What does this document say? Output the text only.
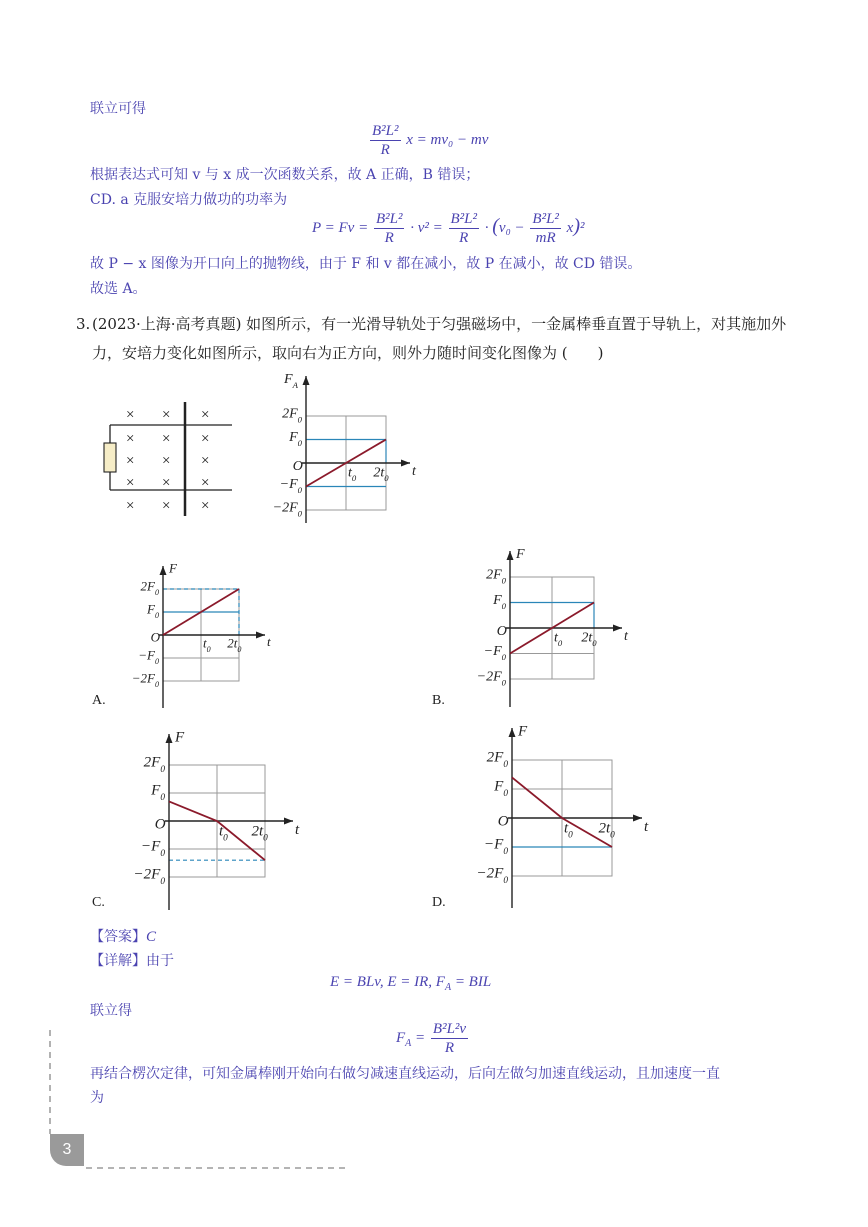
联立可得
$\frac{\text{B²L²}}{R}$ x = mv₀ − mv
根据表达式可知 v 与 x 成一次函数关系，故 A 正确，B 错误；
CD. a 克服安培力做功的功率为
$P = Fv = \frac{\text{B²L²}}{R} \cdot v^2 = \frac{\text{B²L²}}{R} \cdot (v_0 - \frac{\text{B²L²}}{mR} x)^2$
故 P − x 图像为开口向上的抛物线，由于 F 和 v 都在减小，故 P 在减小，故 CD 错误。
故选 A。
3. (2023·上海·高考真题) 如图所示，有一光滑导轨处于匀强磁场中，一金属棒垂直置于导轨上，对其施加外
力，安培力变化如图所示，取向右为正方向，则外力随时间变化图像为 (　　)
× × ×
× × ×
× × ×
× × ×
× × ×
$F_A$
t
O	$t_0$ $2t_0$
$2F_0$
$F_0$
$-F_0$
$-2F_0$
F
t
O	$t_0$ $2t_0$
$2F_0$
$F_0$
$-F_0$
$-2F_0$
F
t
O	$t_0$ $2t_0$
$2F_0$
$F_0$
$-F_0$
$-2F_0$
F
t
O	$t_0$ $2t_0$
$2F_0$
$F_0$
$-F_0$
$-2F_0$
F
t
O	$t_0$ $2t_0$
$2F_0$
$F_0$
$-F_0$
$-2F_0$
A.	B.
C.	D.
【答案】C
【详解】由于
E = BLv, E = IR, $F_A$ = BIL
联立得
$F_A = \frac{\text{B²L²v}}{R}$
再结合楞次定律，可知金属棒刚开始向右做匀减速直线运动，后向左做匀加速直线运动，且加速度一直
为
3
